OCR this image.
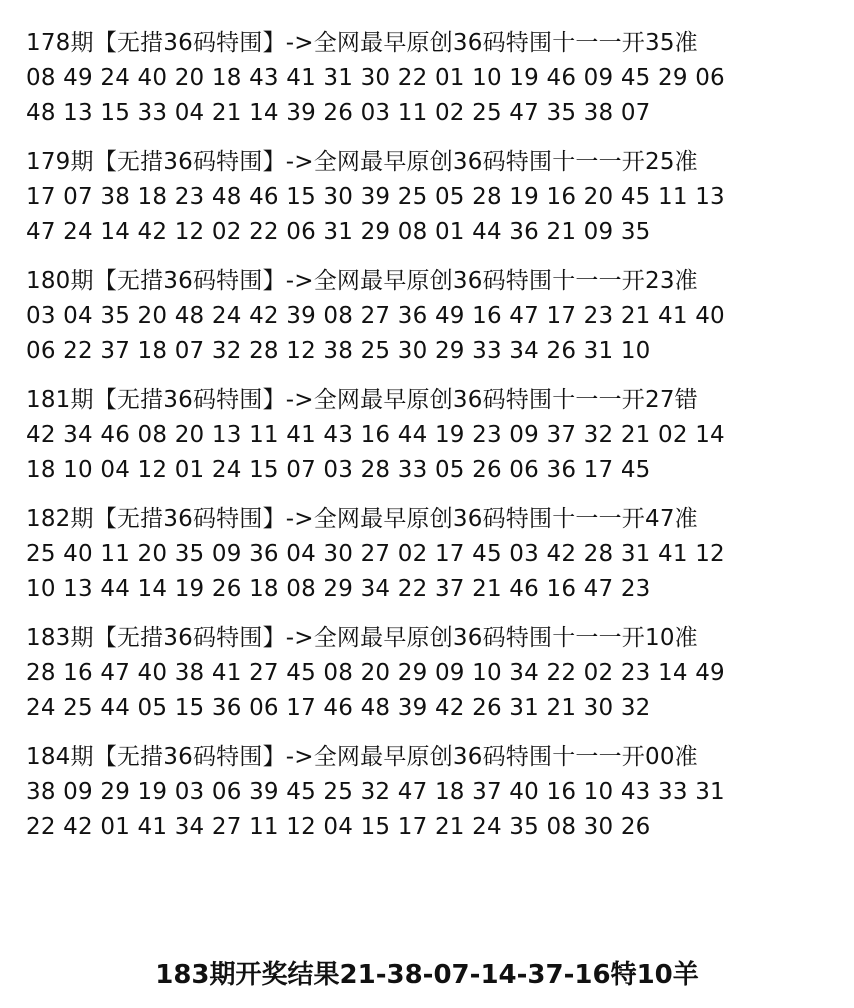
178期【无措36码特围】->全网最早原创36码特围十一一开35准
08 49 24 40 20 18 43 41 31 30 22 01 10 19 46 09 45 29 06
48 13 15 33 04 21 14 39 26 03 11 02 25 47 35 38 07
179期【无措36码特围】->全网最早原创36码特围十一一开25准
17 07 38 18 23 48 46 15 30 39 25 05 28 19 16 20 45 11 13
47 24 14 42 12 02 22 06 31 29 08 01 44 36 21 09 35
180期【无措36码特围】->全网最早原创36码特围十一一开23准
03 04 35 20 48 24 42 39 08 27 36 49 16 47 17 23 21 41 40
06 22 37 18 07 32 28 12 38 25 30 29 33 34 26 31 10
181期【无措36码特围】->全网最早原创36码特围十一一开27错
42 34 46 08 20 13 11 41 43 16 44 19 23 09 37 32 21 02 14
18 10 04 12 01 24 15 07 03 28 33 05 26 06 36 17 45
182期【无措36码特围】->全网最早原创36码特围十一一开47准
25 40 11 20 35 09 36 04 30 27 02 17 45 03 42 28 31 41 12
10 13 44 14 19 26 18 08 29 34 22 37 21 46 16 47 23
183期【无措36码特围】->全网最早原创36码特围十一一开10准
28 16 47 40 38 41 27 45 08 20 29 09 10 34 22 02 23 14 49
24 25 44 05 15 36 06 17 46 48 39 42 26 31 21 30 32
184期【无措36码特围】->全网最早原创36码特围十一一开00准
38 09 29 19 03 06 39 45 25 32 47 18 37 40 16 10 43 33 31
22 42 01 41 34 27 11 12 04 15 17 21 24 35 08 30 26
183期开奖结果21-38-07-14-37-16特10羊
